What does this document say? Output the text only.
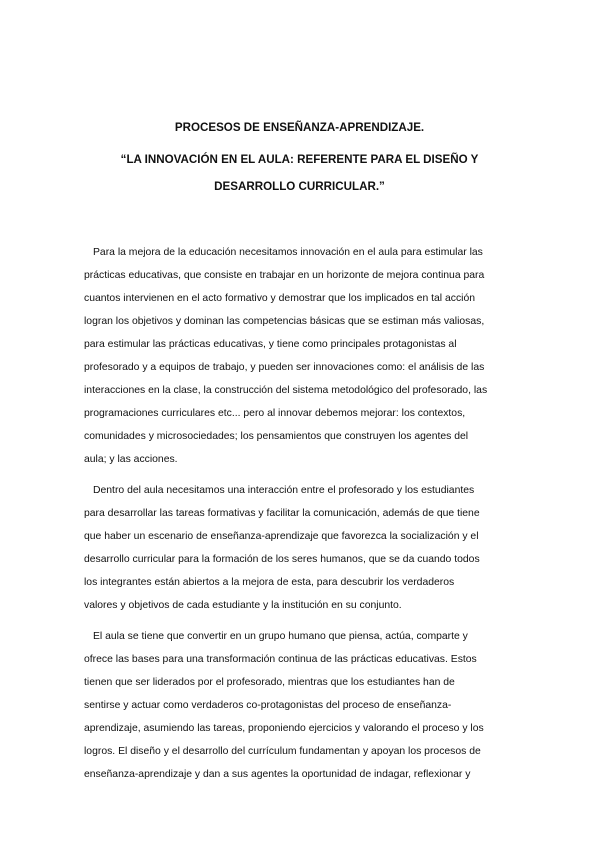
PROCESOS DE ENSEÑANZA-APRENDIZAJE.

“LA INNOVACIÓN EN EL AULA: REFERENTE PARA EL DISEÑO Y

DESARROLLO CURRICULAR.”

Para la mejora de la educación necesitamos innovación en el aula para estimular las

prácticas educativas, que consiste en trabajar en un horizonte de mejora continua para

cuantos intervienen en el acto formativo y demostrar que los implicados en tal acción

logran los objetivos y dominan las competencias básicas que se estiman más valiosas,

para estimular las prácticas educativas, y tiene como principales protagonistas al

profesorado y a equipos de trabajo, y pueden ser innovaciones como: el análisis de las

interacciones en la clase, la construcción del sistema metodológico del profesorado, las

programaciones curriculares etc... pero al innovar debemos mejorar: los contextos,

comunidades y microsociedades; los pensamientos que construyen los agentes del

aula; y las acciones.

Dentro del aula necesitamos una interacción entre el profesorado y los estudiantes

para desarrollar las tareas formativas y facilitar la comunicación, además de que tiene

que haber un escenario de enseñanza-aprendizaje que favorezca la socialización y el

desarrollo curricular para la formación de los seres humanos, que se da cuando todos

los integrantes están abiertos a la mejora de esta, para descubrir los verdaderos

valores y objetivos de cada estudiante y la institución en su conjunto.

El aula se tiene que convertir en un grupo humano que piensa, actúa, comparte y

ofrece las bases para una transformación continua de las prácticas educativas. Estos

tienen que ser liderados por el profesorado, mientras que los estudiantes han de

sentirse y actuar como verdaderos co-protagonistas del proceso de enseñanza-

aprendizaje, asumiendo las tareas, proponiendo ejercicios y valorando el proceso y los

logros. El diseño y el desarrollo del currículum fundamentan y apoyan los procesos de

enseñanza-aprendizaje y dan a sus agentes la oportunidad de indagar, reflexionar y
